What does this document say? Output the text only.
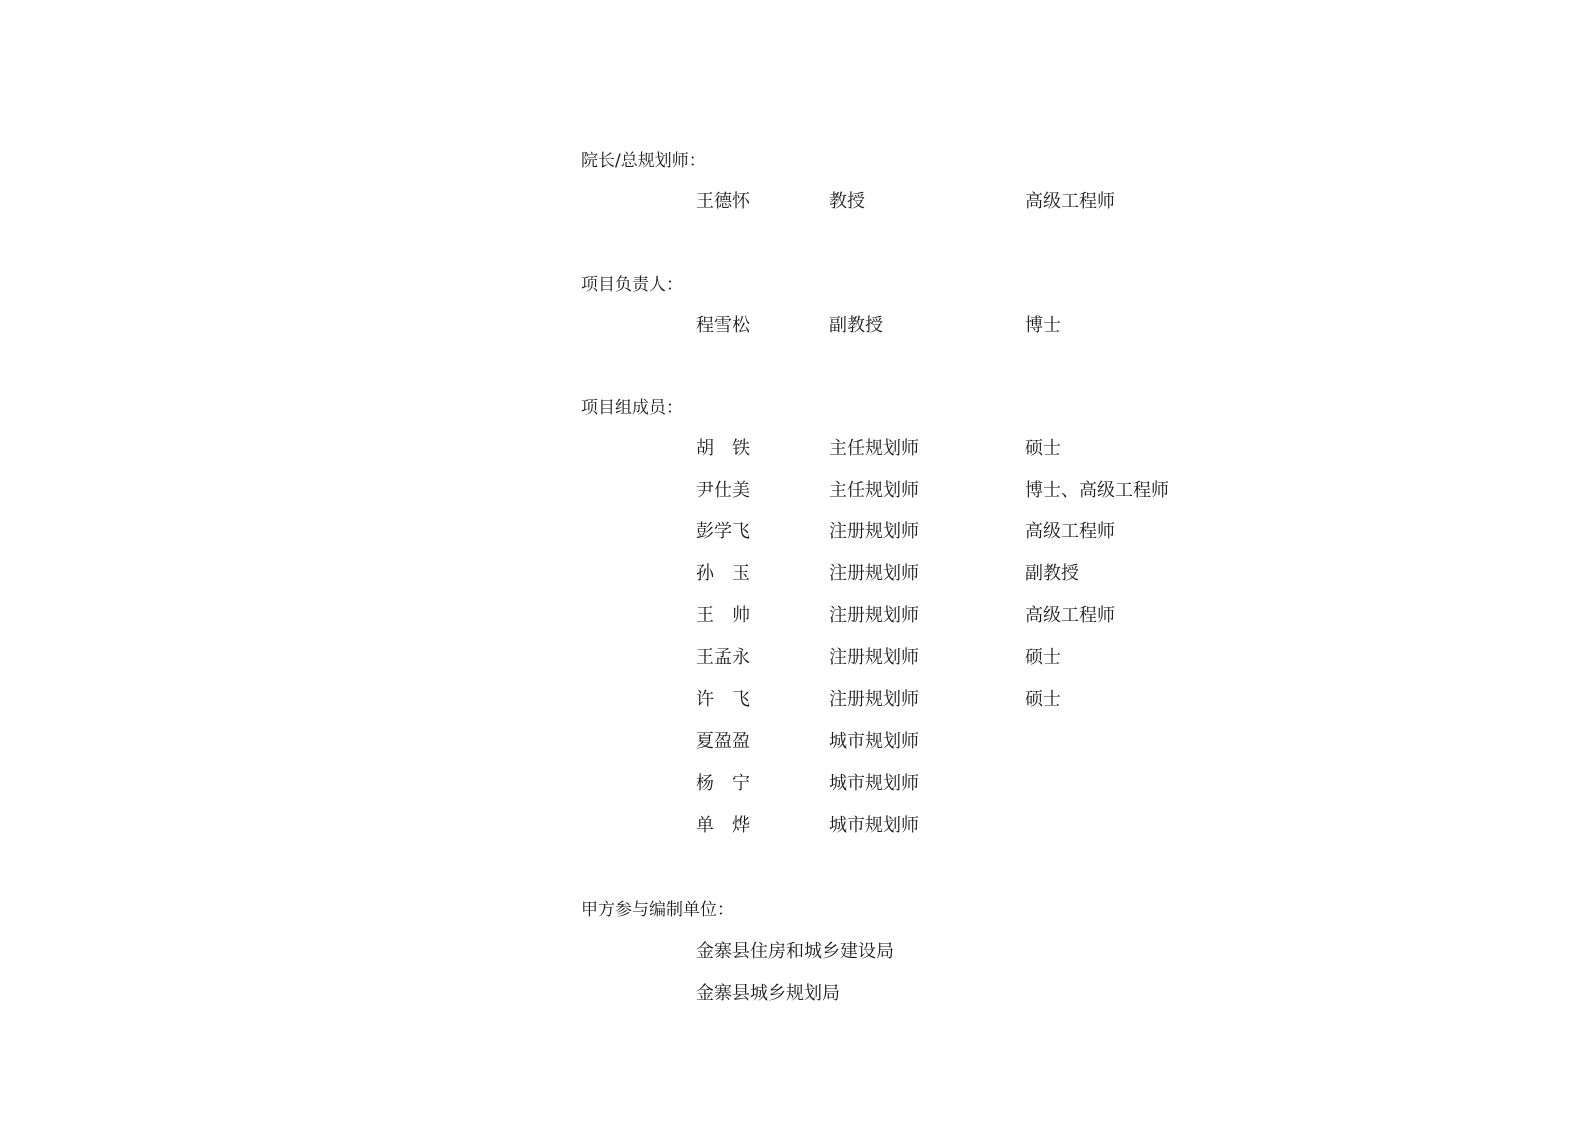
院长/总规划师：
王德怀	教授	高级工程师
项目负责人：
程雪松	副教授	博士
项目组成员：
胡　铁	主任规划师	硕士
尹仕美	主任规划师	博士、高级工程师
彭学飞	注册规划师	高级工程师
孙　玉	注册规划师	副教授
王　帅	注册规划师	高级工程师
王孟永	注册规划师	硕士
许　飞	注册规划师	硕士
夏盈盈	城市规划师
杨　宁	城市规划师
单　烨	城市规划师
甲方参与编制单位：
金寨县住房和城乡建设局
金寨县城乡规划局
